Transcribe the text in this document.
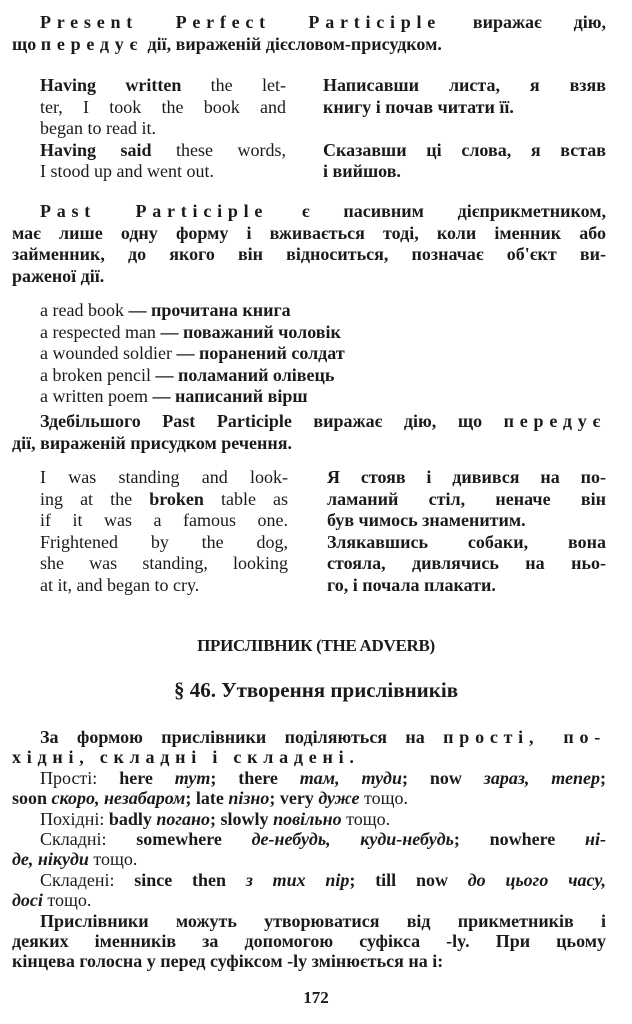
Present Perfect Participle виражає дію,
що передує дії, вираженій дієсловом-присудком.
Having written the let-
ter, I took the book and
began to read it.
Having said these words,
I stood up and went out.
Написавши листа, я взяв
книгу і почав читати її.
Сказавши ці слова, я встав
і вийшов.
Past Participle є пасивним дієприкметником,
має лише одну форму і вживається тоді, коли іменник або
займенник, до якого він відноситься, позначає об'єкт ви-
раженої дії.
a read book — прочитана книга
a respected man — поважаний чоловік
a wounded soldier — поранений солдат
a broken pencil — поламаний олівець
a written poem — написаний вірш
Здебільшого Past Participle виражає дію, що передує
дії, вираженій присудком речення.
I was standing and look-
ing at the broken table as
if it was a famous one.
Frightened by the dog,
she was standing, looking
at it, and began to cry.
Я стояв і дивився на по-
ламаний стіл, неначе він
був чимось знаменитим.
Злякавшись собаки, вона
стояла, дивлячись на ньо-
го, і почала плакати.
ПРИСЛІВНИК (THE ADVERB)
§ 46. Утворення прислівників
За формою прислівники поділяються на прості, по-
хідні, складні і складені.
Прості: here тут; there там, туди; now зараз, тепер;
soon скоро, незабаром; late пізно; very дуже тощо.
Похідні: badly погано; slowly повільно тощо.
Складні: somewhere де-небудь, куди-небудь; nowhere ні-
де, нікуди тощо.
Складені: since then з тих пір; till now до цього часу,
досі тощо.
Прислівники можуть утворюватися від прикметників і
деяких іменників за допомогою суфікса -ly. При цьому
кінцева голосна у перед суфіксом -ly змінюється на і:
172
